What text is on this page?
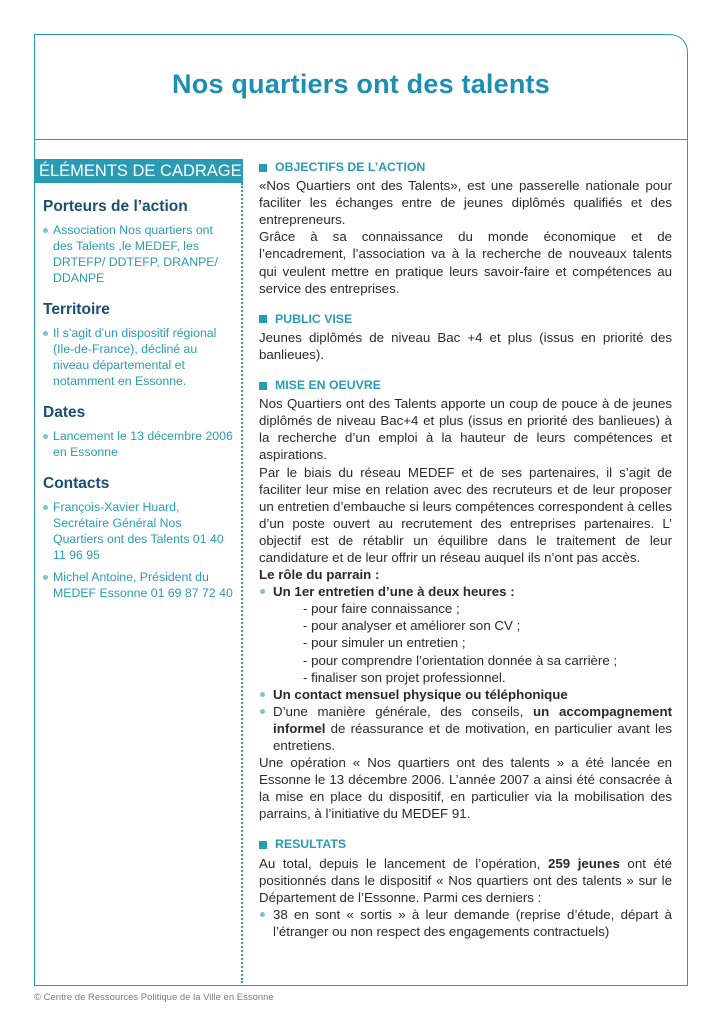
Nos quartiers ont des talents
ÉLÉMENTS DE CADRAGE
Porteurs de l’action
Association Nos quartiers ont des Talents ,le MEDEF, les DRTEFP/ DDTEFP, DRANPE/ DDANPE
Territoire
Il s’agit d’un dispositif régional (Ile-de-France), décliné au niveau départemental et notamment en Essonne.
Dates
Lancement le 13 décembre 2006 en Essonne
Contacts
François-Xavier Huard, Secrétaire Général Nos Quartiers ont des Talents 01 40 11 96 95
Michel Antoine, Président du MEDEF Essonne 01 69 87 72 40
OBJECTIFS DE L’ACTION

«Nos Quartiers ont des Talents», est une passerelle nationale pour faciliter les échanges entre de jeunes diplômés qualifiés et des entrepreneurs.

Grâce à sa connaissance du monde économique et de l’encadrement, l’association va à la recherche de nouveaux talents qui veulent mettre en pratique leurs savoir-faire et compétences au service des entreprises.

PUBLIC VISE

Jeunes diplômés de niveau Bac +4 et plus (issus en priorité des banlieues).

MISE EN OEUVRE

Nos Quartiers ont des Talents apporte un coup de pouce à de jeunes diplômés de niveau Bac+4 et plus (issus en priorité des banlieues) à la recherche d’un emploi à la hauteur de leurs compétences et aspirations.

Par le biais du réseau MEDEF et de ses partenaires, il s’agit de faciliter leur mise en relation avec des recruteurs et de leur proposer un entretien d’embauche si leurs compétences correspondent à celles d’un poste ouvert au recrutement des entreprises partenaires. L’ objectif est de rétablir un équilibre dans le traitement de leur candidature et de leur offrir un réseau auquel ils n’ont pas accès.

Le rôle du parrain :
Un 1er entretien d’une à deux heures :
- pour faire connaissance ;
- pour analyser et améliorer son CV ;
- pour simuler un entretien ;
- pour comprendre l’orientation donnée à sa carrière ;
- finaliser son projet professionnel.
Un contact mensuel physique ou téléphonique

D’une manière générale, des conseils, un accompagnement informel de réassurance et de motivation, en particulier avant les entretiens.

Une opération « Nos quartiers ont des talents » a été lancée en Essonne le 13 décembre 2006. L’année 2007 a ainsi été consacrée à la mise en place du dispositif, en particulier via la mobilisation des parrains, à l’initiative du MEDEF 91.

RESULTATS

Au total, depuis le lancement de l’opération, 259 jeunes ont été positionnés dans le dispositif « Nos quartiers ont des talents » sur le Département de l’Essonne. Parmi ces derniers :

38 en sont « sortis » à leur demande (reprise d’étude, départ à l’étranger ou non respect des engagements contractuels)

© Centre de Ressources Politique de la Ville en Essonne
